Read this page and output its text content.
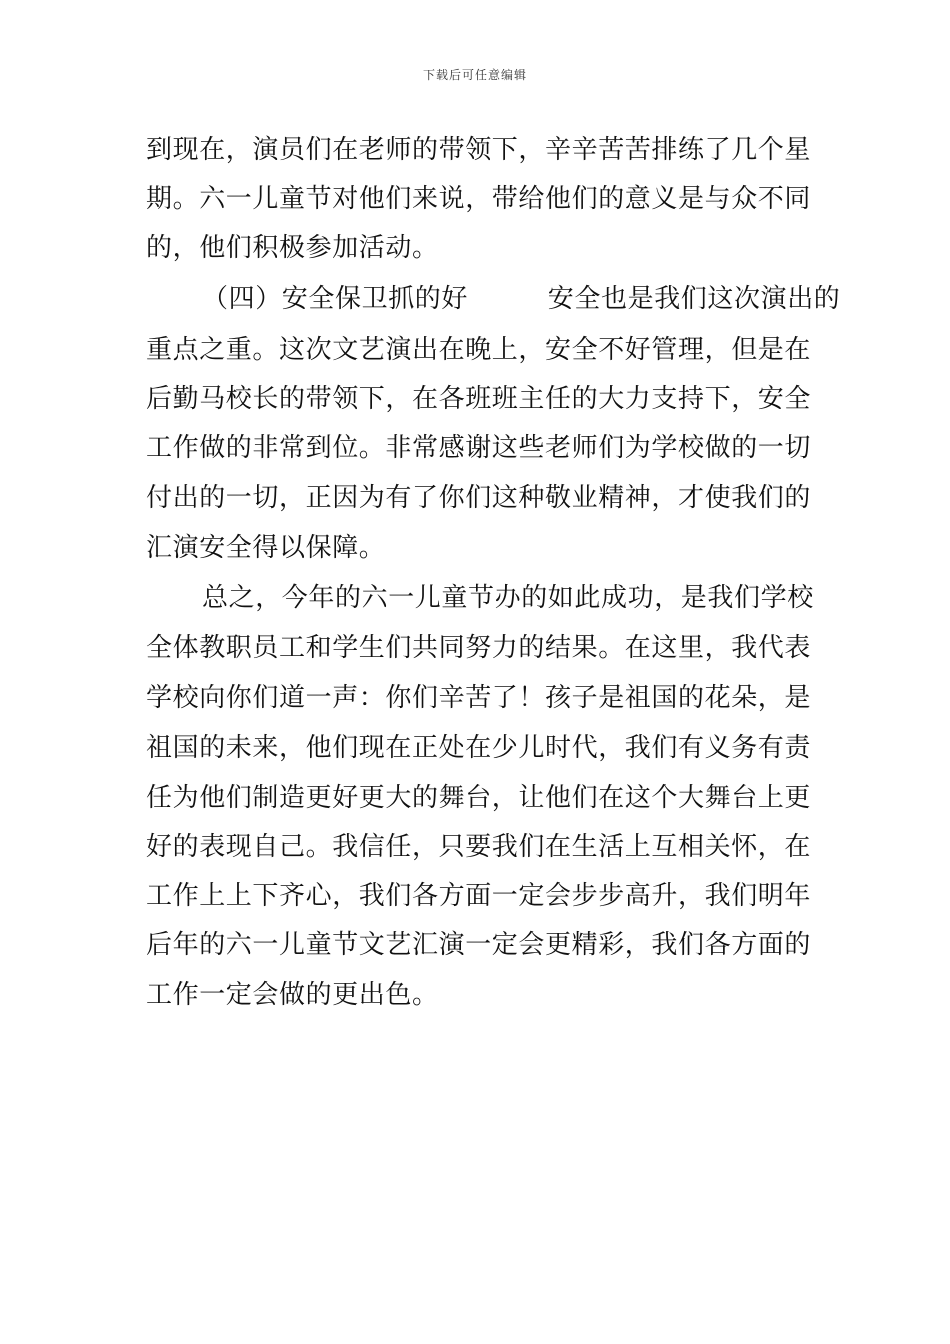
下载后可任意编辑
到现在，演员们在老师的带领下，辛辛苦苦排练了几个星
期。六一儿童节对他们来说，带给他们的意义是与众不同
的，他们积极参加活动。
（四）安全保卫抓的好　　　安全也是我们这次演出的
重点之重。这次文艺演出在晚上，安全不好管理，但是在
后勤马校长的带领下，在各班班主任的大力支持下，安全
工作做的非常到位。非常感谢这些老师们为学校做的一切
付出的一切，正因为有了你们这种敬业精神，才使我们的
汇演安全得以保障。
总之，今年的六一儿童节办的如此成功，是我们学校
全体教职员工和学生们共同努力的结果。在这里，我代表
学校向你们道一声：你们辛苦了！孩子是祖国的花朵，是
祖国的未来，他们现在正处在少儿时代，我们有义务有责
任为他们制造更好更大的舞台，让他们在这个大舞台上更
好的表现自己。我信任，只要我们在生活上互相关怀，在
工作上上下齐心，我们各方面一定会步步高升，我们明年
后年的六一儿童节文艺汇演一定会更精彩，我们各方面的
工作一定会做的更出色。
